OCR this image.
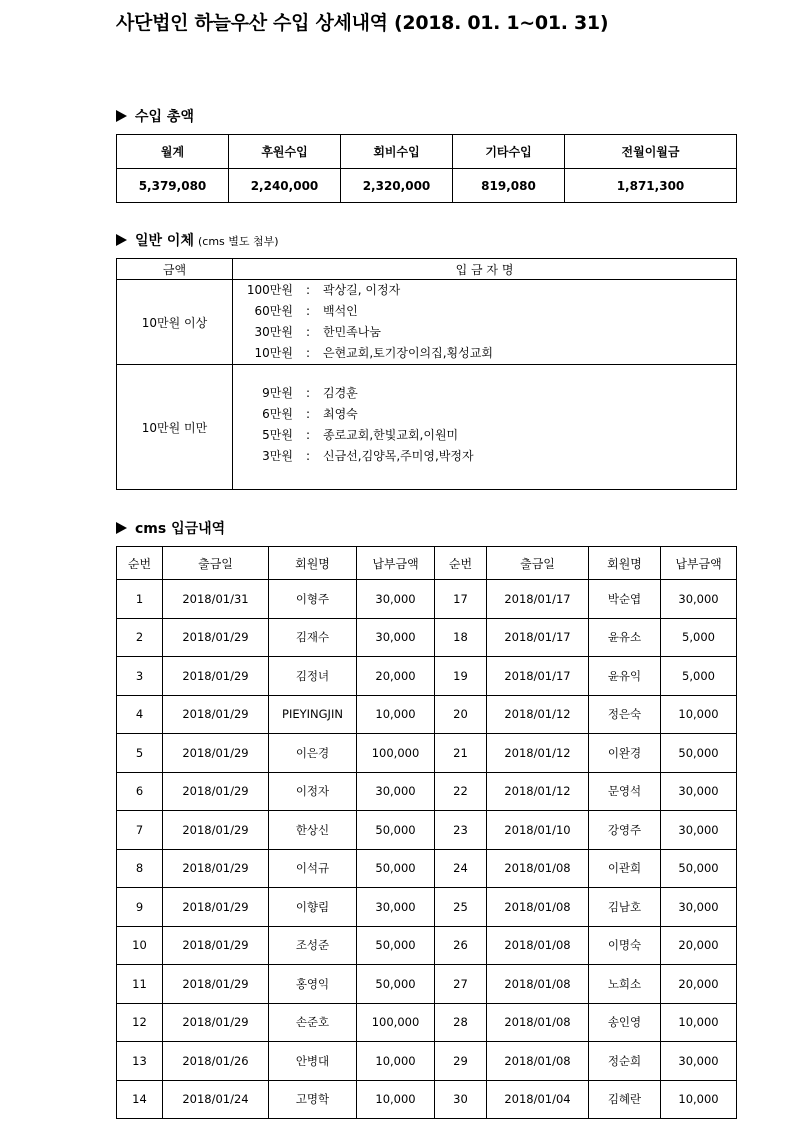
사단법인 하늘우산 수입 상세내역 (2018. 01. 1~01. 31)
수입 총액
월계	후원수입	회비수입	기타수입	전월이월금
5,379,080	2,240,000	2,320,000	819,080	1,871,300
일반 이체 (cms 별도 첨부)
금액	입 금 자 명
10만원 이상	100만원 : 곽상길, 이정자
60만원 : 백석인
30만원 : 한민족나눔
10만원 : 은현교회,토기장이의집,횡성교회

10만원 미만	9만원 : 김경훈
6만원 : 최영숙
5만원 : 종로교회,한빛교회,이원미
3만원 : 신금선,김양목,주미영,박정자
cms 입금내역
순번	출금일	회원명	납부금액	순번	출금일	회원명	납부금액
1	2018/01/31	이형주	30,000	17	2018/01/17	박순엽	30,000
2	2018/01/29	김재수	30,000	18	2018/01/17	윤유소	5,000
3	2018/01/29	김정녀	20,000	19	2018/01/17	윤유익	5,000
4	2018/01/29	PIEYINGJIN	10,000	20	2018/01/12	정은숙	10,000
5	2018/01/29	이은경	100,000	21	2018/01/12	이완경	50,000
6	2018/01/29	이정자	30,000	22	2018/01/12	문영석	30,000
7	2018/01/29	한상신	50,000	23	2018/01/10	강영주	30,000
8	2018/01/29	이석규	50,000	24	2018/01/08	이관희	50,000
9	2018/01/29	이향림	30,000	25	2018/01/08	김남호	30,000
10	2018/01/29	조성준	50,000	26	2018/01/08	이명숙	20,000
11	2018/01/29	홍영익	50,000	27	2018/01/08	노희소	20,000
12	2018/01/29	손준호	100,000	28	2018/01/08	송인영	10,000
13	2018/01/26	안병대	10,000	29	2018/01/08	정순희	30,000
14	2018/01/24	고명학	10,000	30	2018/01/04	김혜란	10,000
